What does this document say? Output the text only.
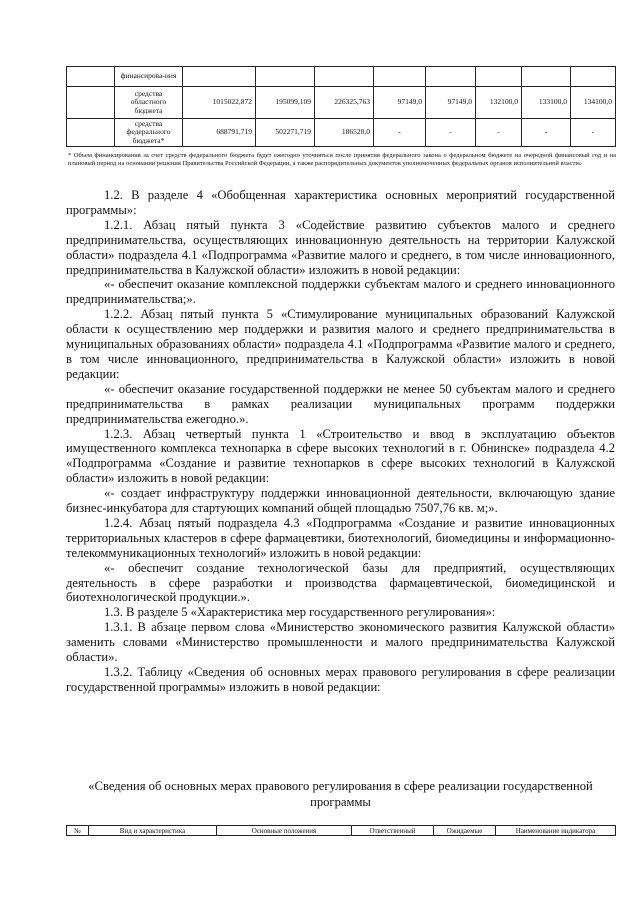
	финансирова-ния								
	средства областного бюджета	1015022,872	195099,109	226325,763	97149,0	97149,0	132100,0	133100,0	134100,0
	средства федерального бюджета*	688791,719	502271,719	186520,0	-	-	-	-	-
* Объем финансирования за счет средств федерального бюджета будет ежегодно уточняться после принятия федерального закона о федеральном бюджете на очередной финансовый год и на плановый период на основании решения Правительства Российской Федерации, а также распорядительных документов уполномоченных федеральных органов исполнительной власти»

1.2. В разделе 4 «Обобщенная характеристика основных мероприятий государственной программы»:

1.2.1. Абзац пятый пункта 3 «Содействие развитию субъектов малого и среднего предпринимательства, осуществляющих инновационную деятельность на территории Калужской области» подраздела 4.1 «Подпрограмма «Развитие малого и среднего, в том числе инновационного, предпринимательства в Калужской области» изложить в новой редакции:

«- обеспечит оказание комплексной поддержки субъектам малого и среднего инновационного предпринимательства;».

1.2.2. Абзац пятый пункта 5 «Стимулирование муниципальных образований Калужской области к осуществлению мер поддержки и развития малого и среднего предпринимательства в муниципальных образованиях области» подраздела 4.1 «Подпрограмма «Развитие малого и среднего, в том числе инновационного, предпринимательства в Калужской области» изложить в новой редакции:

«- обеспечит оказание государственной поддержки не менее 50 субъектам малого и среднего предпринимательства в рамках реализации муниципальных программ поддержки предпринимательства ежегодно.».

1.2.3. Абзац четвертый пункта 1 «Строительство и ввод в эксплуатацию объектов имущественного комплекса технопарка в сфере высоких технологий в г. Обнинске» подраздела 4.2 «Подпрограмма «Создание и развитие технопарков в сфере высоких технологий в Калужской области» изложить в новой редакции:

«- создает инфраструктуру поддержки инновационной деятельности, включающую здание бизнес-инкубатора для стартующих компаний общей площадью 7507,76 кв. м;».

1.2.4. Абзац пятый подраздела 4.3 «Подпрограмма «Создание и развитие инновационных территориальных кластеров в сфере фармацевтики, биотехнологий, биомедицины и информационно-телекоммуникационных технологий» изложить в новой редакции:

«- обеспечит создание технологической базы для предприятий, осуществляющих деятельность в сфере разработки и производства фармацевтической, биомедицинской и биотехнологической продукции.».

1.3. В разделе 5 «Характеристика мер государственного регулирования»:

1.3.1. В абзаце первом слова «Министерство экономического развития Калужской области» заменить словами «Министерство промышленности и малого предпринимательства Калужской области».

1.3.2. Таблицу «Сведения об основных мерах правового регулирования в сфере реализации государственной программы» изложить в новой редакции:

«Сведения об основных мерах правового регулирования в сфере реализации государственной программы
№	Вид и характеристика	Основные положения	Ответственный	Ожидаемые	Наименование индикатора
